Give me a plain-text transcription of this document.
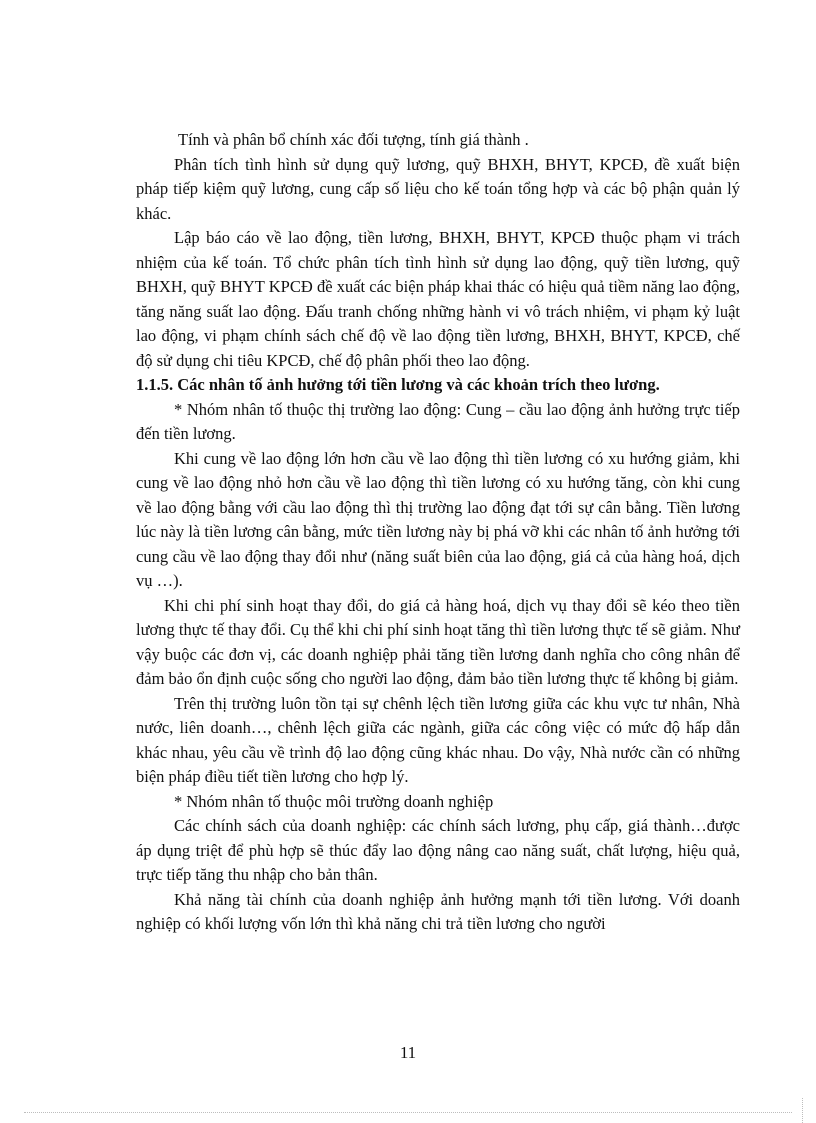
Tính và phân bổ chính xác đối tượng, tính giá thành .

Phân tích tình hình sử dụng quỹ lương, quỹ BHXH, BHYT, KPCĐ, đề xuất biện pháp tiếp kiệm quỹ lương, cung cấp số liệu cho kế toán tổng hợp và các bộ phận quản lý khác.

Lập báo cáo về lao động, tiền lương, BHXH, BHYT, KPCĐ thuộc phạm vi trách nhiệm của kế toán. Tổ chức phân tích tình hình sử dụng lao động, quỹ tiền lương, quỹ BHXH, quỹ BHYT KPCĐ đề xuất các biện pháp khai thác có hiệu quả tiềm năng lao động, tăng năng suất lao động. Đấu tranh chống những hành vi vô trách nhiệm, vi phạm kỷ luật lao động, vi phạm chính sách chế độ về lao động tiền lương, BHXH, BHYT, KPCĐ, chế độ sử dụng chi tiêu KPCĐ, chế độ phân phối theo lao động.

1.1.5. Các nhân tố ảnh hưởng tới tiền lương và các khoản trích theo lương.

* Nhóm nhân tố thuộc thị trường lao động: Cung – cầu lao động ảnh hưởng trực tiếp đến tiền lương.

Khi cung về lao động lớn hơn cầu về lao động thì tiền lương có xu hướng giảm, khi cung về lao động nhỏ hơn cầu về lao động thì tiền lương có xu hướng tăng, còn khi cung về lao động bằng với cầu lao động thì thị trường lao động đạt tới sự cân bằng. Tiền lương lúc này là tiền lương cân bằng, mức tiền lương này bị phá vỡ khi các nhân tố ảnh hưởng tới cung cầu về lao động thay đổi như (năng suất biên của lao động, giá cả của hàng hoá, dịch vụ …).

Khi chi phí sinh hoạt thay đổi, do giá cả hàng hoá, dịch vụ thay đổi sẽ kéo theo tiền lương thực tế thay đổi. Cụ thể khi chi phí sinh hoạt tăng thì tiền lương thực tế sẽ giảm. Như vậy buộc các đơn vị, các doanh nghiệp phải tăng tiền lương danh nghĩa cho công nhân để đảm bảo ổn định cuộc sống cho người lao động, đảm bảo tiền lương thực tế không bị giảm.

Trên thị trường luôn tồn tại sự chênh lệch tiền lương giữa các khu vực tư nhân, Nhà nước, liên doanh…, chênh lệch giữa các ngành, giữa các công việc có mức độ hấp dẫn khác nhau, yêu cầu về trình độ lao động cũng khác nhau. Do vậy, Nhà nước cần có những biện pháp điều tiết tiền lương cho hợp lý.

* Nhóm nhân tố thuộc môi trường doanh nghiệp

Các chính sách của doanh nghiệp: các chính sách lương, phụ cấp, giá thành…được áp dụng triệt để phù hợp sẽ thúc đẩy lao động nâng cao năng suất, chất lượng, hiệu quả, trực tiếp tăng thu nhập cho bản thân.

Khả năng tài chính của doanh nghiệp ảnh hưởng mạnh tới tiền lương. Với doanh nghiệp có khối lượng vốn lớn thì khả năng chi trả tiền lương cho người

11
